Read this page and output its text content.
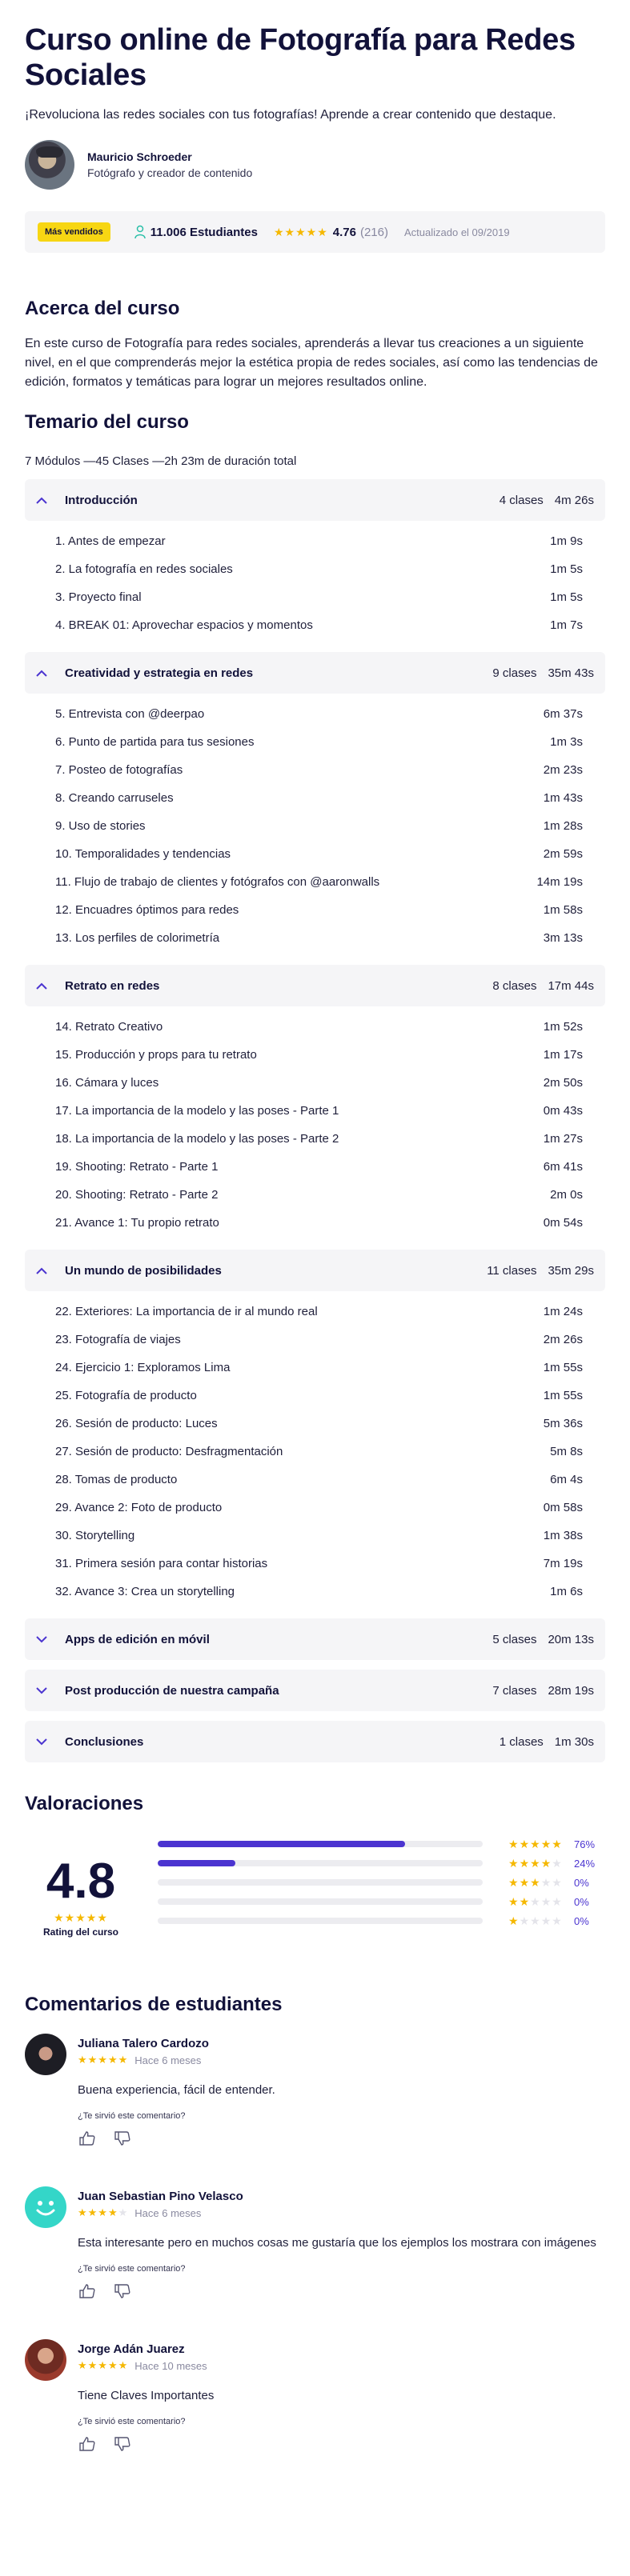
Curso online de Fotografía para Redes Sociales

¡Revoluciona las redes sociales con tus fotografías! Aprende a crear contenido que destaque.

Mauricio Schroeder
Fotógrafo y creador de contenido
Más vendidos	11.006 Estudiantes ★★★★★ 4.76 (216) Actualizado el 09/2019
Acerca del curso

En este curso de Fotografía para redes sociales, aprenderás a llevar tus creaciones a un siguiente nivel, en el que comprenderás mejor la estética propia de redes sociales, así como las tendencias de edición, formatos y temáticas para lograr un mejores resultados online.

Temario del curso

7 Módulos —45 Clases —2h 23m de duración total

Introducción	4 clases 4m 26s
1. Antes de empezar	1m 9s
2. La fotografía en redes sociales	1m 5s
3. Proyecto final	1m 5s
4. BREAK 01: Aprovechar espacios y momentos	1m 7s
Creatividad y estrategia en redes	9 clases 35m 43s
5. Entrevista con @deerpao	6m 37s
6. Punto de partida para tus sesiones	1m 3s
7. Posteo de fotografías	2m 23s
8. Creando carruseles	1m 43s
9. Uso de stories	1m 28s
10. Temporalidades y tendencias	2m 59s
11. Flujo de trabajo de clientes y fotógrafos con @aaronwalls	14m 19s
12. Encuadres óptimos para redes	1m 58s
13. Los perfiles de colorimetría	3m 13s
Retrato en redes	8 clases 17m 44s
14. Retrato Creativo	1m 52s
15. Producción y props para tu retrato	1m 17s
16. Cámara y luces	2m 50s
17. La importancia de la modelo y las poses - Parte 1	0m 43s
18. La importancia de la modelo y las poses - Parte 2	1m 27s
19. Shooting: Retrato - Parte 1	6m 41s
20. Shooting: Retrato - Parte 2	2m 0s
21. Avance 1: Tu propio retrato	0m 54s
Un mundo de posibilidades	11 clases 35m 29s
22. Exteriores: La importancia de ir al mundo real	1m 24s
23. Fotografía de viajes	2m 26s
24. Ejercicio 1: Exploramos Lima	1m 55s
25. Fotografía de producto	1m 55s
26. Sesión de producto: Luces	5m 36s
27. Sesión de producto: Desfragmentación	5m 8s
28. Tomas de producto	6m 4s
29. Avance 2: Foto de producto	0m 58s
30. Storytelling	1m 38s
31. Primera sesión para contar historias	7m 19s
32. Avance 3: Crea un storytelling	1m 6s
Apps de edición en móvil	5 clases 20m 13s
Post producción de nuestra campaña	7 clases 28m 19s
Conclusiones	1 clases 1m 30s
Valoraciones
4.8
★★★★★
Rating del curso
★★★★★	76%
★★★★★	24%
★★★★★	0%
★★★★★	0%
★★★★★	0%
Comentarios de estudiantes
Juliana Talero Cardozo
★★★★★ Hace 6 meses

Buena experiencia, fácil de entender.

¿Te sirvió este comentario?
Juan Sebastian Pino Velasco
★★★★★ Hace 6 meses

Esta interesante pero en muchos cosas me gustaría que los ejemplos los mostrara con imágenes

¿Te sirvió este comentario?
Jorge Adán Juarez
★★★★★ Hace 10 meses

Tiene Claves Importantes

¿Te sirvió este comentario?
